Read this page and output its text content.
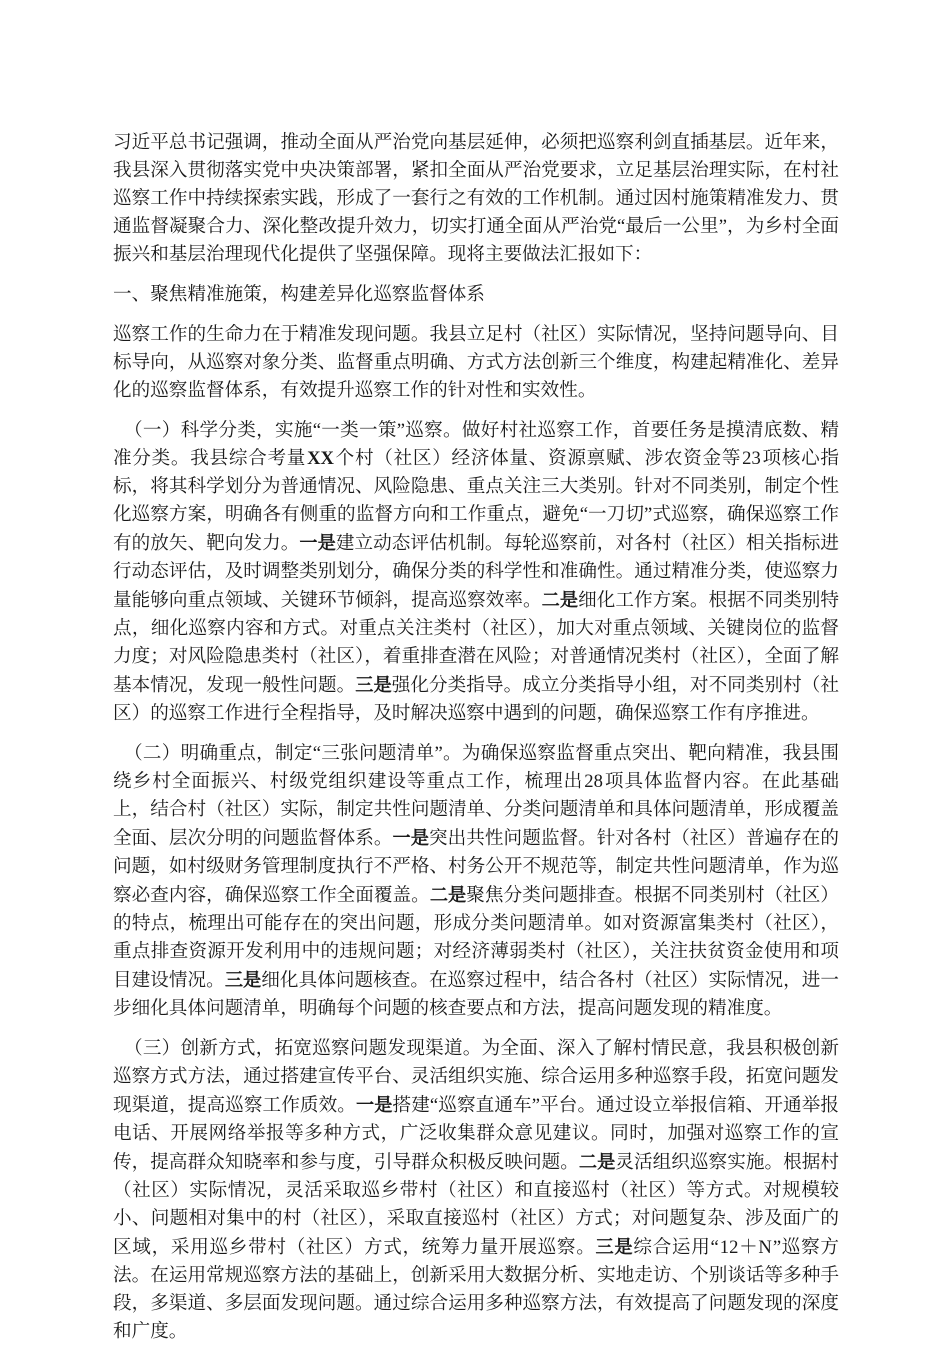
习近平总书记强调，推动全面从严治党向基层延伸，必须把巡察利剑直插基层。近年来，我县深入贯彻落实党中央决策部署，紧扣全面从严治党要求，立足基层治理实际，在村社巡察工作中持续探索实践，形成了一套行之有效的工作机制。通过因村施策精准发力、贯通监督凝聚合力、深化整改提升效力，切实打通全面从严治党“最后一公里”，为乡村全面振兴和基层治理现代化提供了坚强保障。现将主要做法汇报如下：

一、聚焦精准施策，构建差异化巡察监督体系

巡察工作的生命力在于精准发现问题。我县立足村（社区）实际情况，坚持问题导向、目标导向，从巡察对象分类、监督重点明确、方式方法创新三个维度，构建起精准化、差异化的巡察监督体系，有效提升巡察工作的针对性和实效性。

（一）科学分类，实施“一类一策”巡察。做好村社巡察工作，首要任务是摸清底数、精准分类。我县综合考量XX个村（社区）经济体量、资源禀赋、涉农资金等23项核心指标，将其科学划分为普通情况、风险隐患、重点关注三大类别。针对不同类别，制定个性化巡察方案，明确各有侧重的监督方向和工作重点，避免“一刀切”式巡察，确保巡察工作有的放矢、靶向发力。一是建立动态评估机制。每轮巡察前，对各村（社区）相关指标进行动态评估，及时调整类别划分，确保分类的科学性和准确性。通过精准分类，使巡察力量能够向重点领域、关键环节倾斜，提高巡察效率。二是细化工作方案。根据不同类别特点，细化巡察内容和方式。对重点关注类村（社区），加大对重点领域、关键岗位的监督力度；对风险隐患类村（社区），着重排查潜在风险；对普通情况类村（社区），全面了解基本情况，发现一般性问题。三是强化分类指导。成立分类指导小组，对不同类别村（社区）的巡察工作进行全程指导，及时解决巡察中遇到的问题，确保巡察工作有序推进。

（二）明确重点，制定“三张问题清单”。为确保巡察监督重点突出、靶向精准，我县围绕乡村全面振兴、村级党组织建设等重点工作，梳理出28项具体监督内容。在此基础上，结合村（社区）实际，制定共性问题清单、分类问题清单和具体问题清单，形成覆盖全面、层次分明的问题监督体系。一是突出共性问题监督。针对各村（社区）普遍存在的问题，如村级财务管理制度执行不严格、村务公开不规范等，制定共性问题清单，作为巡察必查内容，确保巡察工作全面覆盖。二是聚焦分类问题排查。根据不同类别村（社区）的特点，梳理出可能存在的突出问题，形成分类问题清单。如对资源富集类村（社区），重点排查资源开发利用中的违规问题；对经济薄弱类村（社区），关注扶贫资金使用和项目建设情况。三是细化具体问题核查。在巡察过程中，结合各村（社区）实际情况，进一步细化具体问题清单，明确每个问题的核查要点和方法，提高问题发现的精准度。

（三）创新方式，拓宽巡察问题发现渠道。为全面、深入了解村情民意，我县积极创新巡察方式方法，通过搭建宣传平台、灵活组织实施、综合运用多种巡察手段，拓宽问题发现渠道，提高巡察工作质效。一是搭建“巡察直通车”平台。通过设立举报信箱、开通举报电话、开展网络举报等多种方式，广泛收集群众意见建议。同时，加强对巡察工作的宣传，提高群众知晓率和参与度，引导群众积极反映问题。二是灵活组织巡察实施。根据村（社区）实际情况，灵活采取巡乡带村（社区）和直接巡村（社区）等方式。对规模较小、问题相对集中的村（社区），采取直接巡村（社区）方式；对问题复杂、涉及面广的区域，采用巡乡带村（社区）方式，统筹力量开展巡察。三是综合运用“12＋N”巡察方法。在运用常规巡察方法的基础上，创新采用大数据分析、实地走访、个别谈话等多种手段，多渠道、多层面发现问题。通过综合运用多种巡察方法，有效提高了问题发现的深度和广度。
